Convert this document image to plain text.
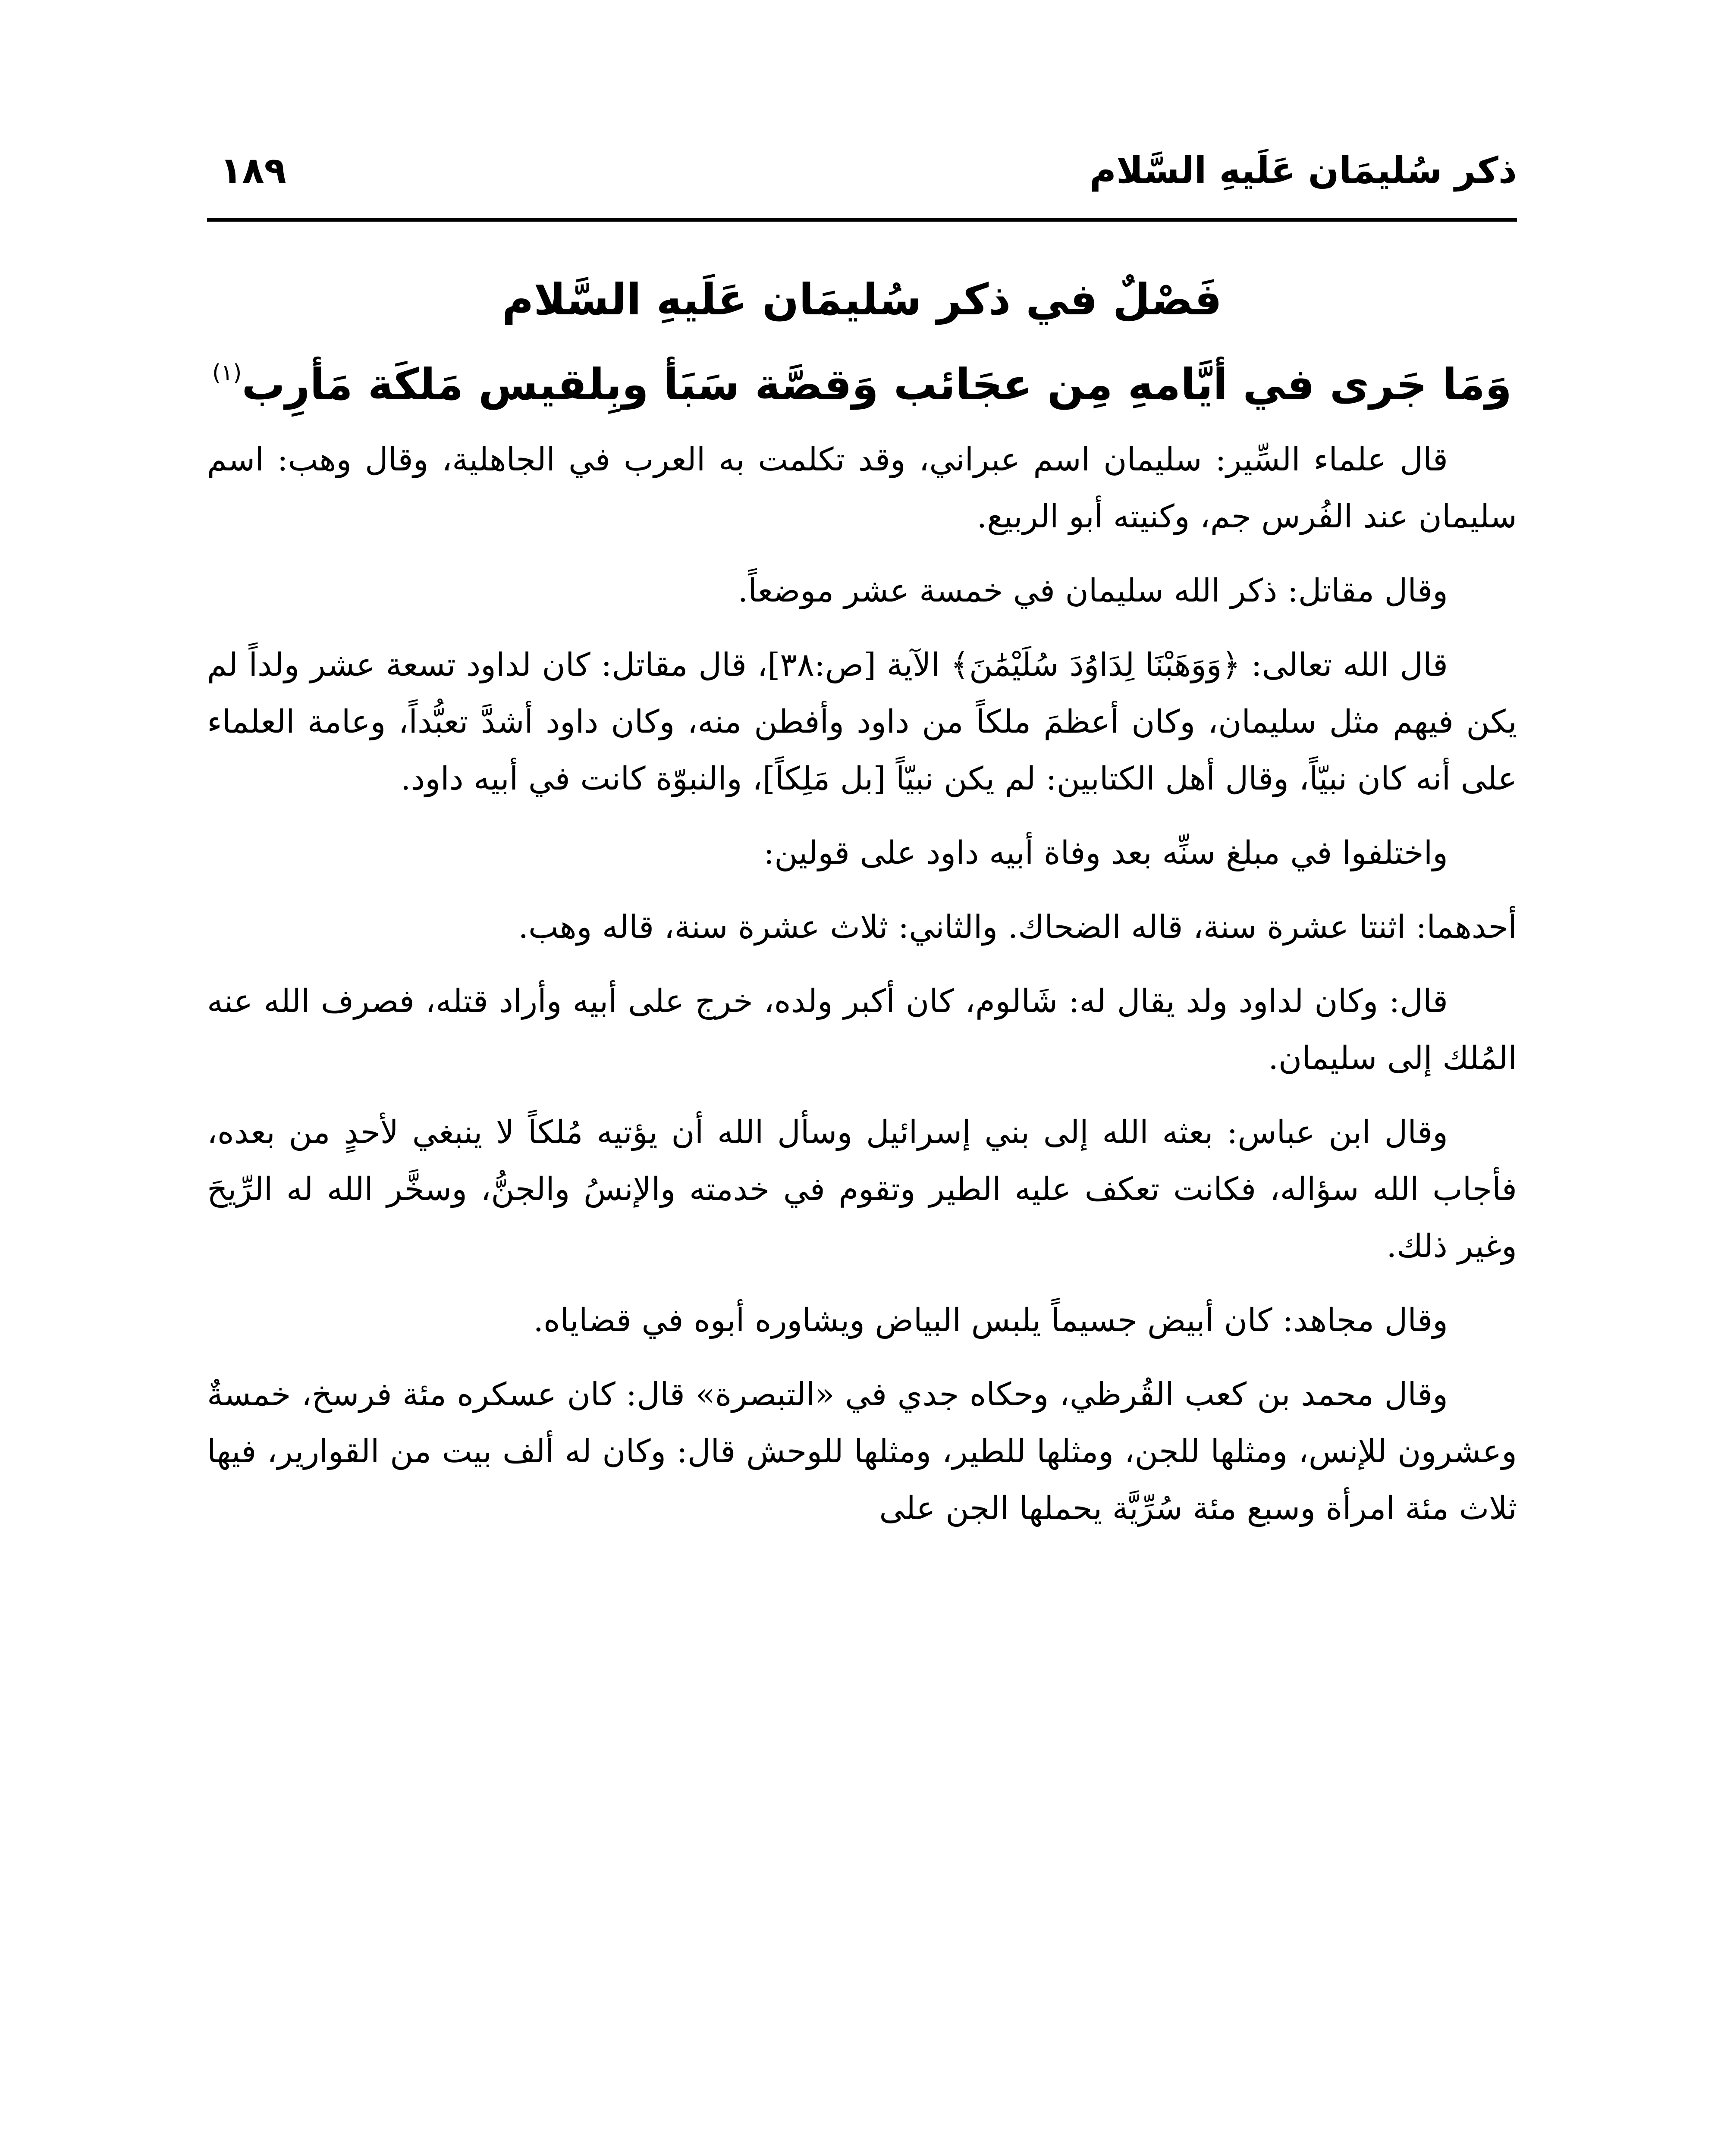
ذكر سُليمَان عَلَيهِ السَّلام
١٨٩
فَصْلٌ في ذكر سُليمَان عَلَيهِ السَّلام
وَمَا جَرى في أيَّامهِ مِن عجَائب وَقصَّة سَبَأ وبِلقيس مَلكَة مَأرِب$^{(١)}$

قال علماء السِّير: سليمان اسم عبراني، وقد تكلمت به العرب في الجاهلية، وقال وهب: اسم سليمان عند الفُرس جم، وكنيته أبو الربيع.

وقال مقاتل: ذكر الله سليمان في خمسة عشر موضعاً.

قال الله تعالى: ﴿وَوَهَبْنَا لِدَاوُدَ سُلَيْمَٰنَ﴾ الآية [ص:٣٨]، قال مقاتل: كان لداود تسعة عشر ولداً لم يكن فيهم مثل سليمان، وكان أعظمَ ملكاً من داود وأفطن منه، وكان داود أشدَّ تعبُّداً، وعامة العلماء على أنه كان نبيّاً، وقال أهل الكتابين: لم يكن نبيّاً [بل مَلِكاً]، والنبوّة كانت في أبيه داود.

واختلفوا في مبلغ سنِّه بعد وفاة أبيه داود على قولين:

أحدهما: اثنتا عشرة سنة، قاله الضحاك. والثاني: ثلاث عشرة سنة، قاله وهب.

قال: وكان لداود ولد يقال له: شَالوم، كان أكبر ولده، خرج على أبيه وأراد قتله، فصرف الله عنه المُلك إلى سليمان.

وقال ابن عباس: بعثه الله إلى بني إسرائيل وسأل الله أن يؤتيه مُلكاً لا ينبغي لأحدٍ من بعده، فأجاب الله سؤاله، فكانت تعكف عليه الطير وتقوم في خدمته والإنسُ والجنُّ، وسخَّر الله له الرِّيحَ وغير ذلك.

وقال مجاهد: كان أبيض جسيماً يلبس البياض ويشاوره أبوه في قضاياه.

وقال محمد بن كعب القُرظي، وحكاه جدي في «التبصرة» قال: كان عسكره مئة فرسخ، خمسةٌ وعشرون للإنس، ومثلها للجن، ومثلها للطير، ومثلها للوحش قال: وكان له ألف بيت من القوارير، فيها ثلاث مئة امرأة وسبع مئة سُرِّيَّة يحملها الجن على
